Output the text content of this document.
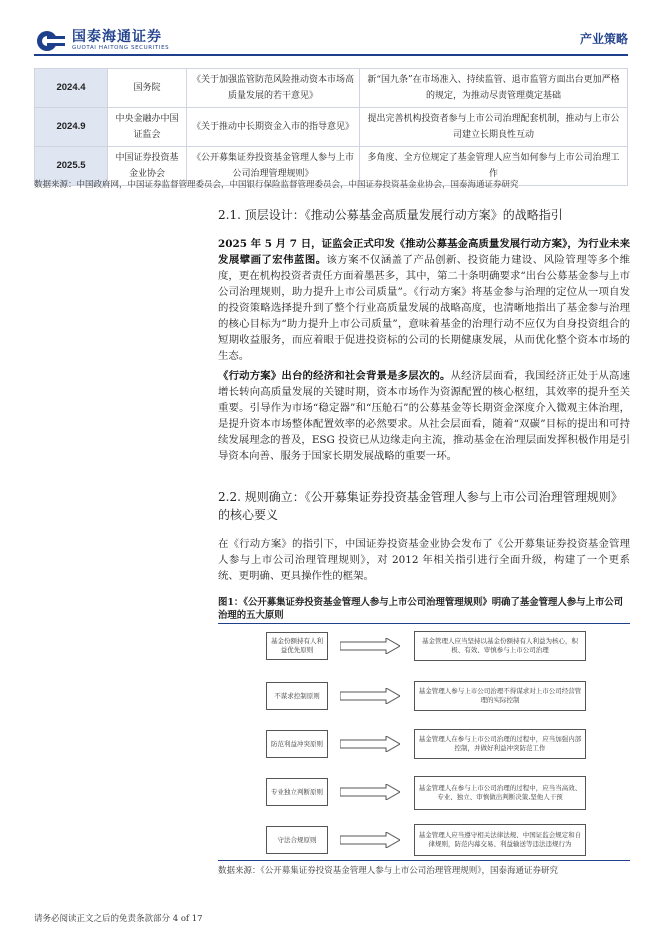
国泰海通证券
GUOTAI HAITONG SECURITIES
产业策略
2024.4	国务院	《关于加强监管防范风险推动资本市场高质量发展的若干意见》	新“国九条”在市场准入、持续监管、退市监管方面出台更加严格的规定，为推动尽责管理奠定基础
2024.9	中央金融办中国证监会	《关于推动中长期资金入市的指导意见》	提出完善机构投资者参与上市公司治理配套机制，推动与上市公司建立长期良性互动
2025.5	中国证券投资基金业协会	《公开募集证券投资基金管理人参与上市公司治理管理规则》	多角度、全方位规定了基金管理人应当如何参与上市公司治理工作
数据来源：中国政府网，中国证券监督管理委员会，中国银行保险监督管理委员会，中国证券投资基金业协会，国泰海通证券研究
2.1. 顶层设计：《推动公募基金高质量发展行动方案》的战略指引
2025 年 5 月 7 日，证监会正式印发《推动公募基金高质量发展行动方案》，为行业未来发展擘画了宏伟蓝图。该方案不仅涵盖了产品创新、投资能力建设、风险管理等多个维度，更在机构投资者责任方面着墨甚多，其中，第二十条明确要求“出台公募基金参与上市公司治理规则，助力提升上市公司质量”。《行动方案》将基金参与治理的定位从一项自发的投资策略选择提升到了整个行业高质量发展的战略高度，也清晰地指出了基金参与治理的核心目标为“助力提升上市公司质量”，意味着基金的治理行动不应仅为自身投资组合的短期收益服务，而应着眼于促进投资标的公司的长期健康发展，从而优化整个资本市场的生态。
《行动方案》出台的经济和社会背景是多层次的。从经济层面看，我国经济正处于从高速增长转向高质量发展的关键时期，资本市场作为资源配置的核心枢纽，其效率的提升至关重要。引导作为市场“稳定器”和“压舱石”的公募基金等长期资金深度介入微观主体治理，是提升资本市场整体配置效率的必然要求。从社会层面看，随着“双碳”目标的提出和可持续发展理念的普及，ESG 投资已从边缘走向主流，推动基金在治理层面发挥积极作用是引导资本向善、服务于国家长期发展战略的重要一环。
2.2. 规则确立：《公开募集证券投资基金管理人参与上市公司治理管理规则》的核心要义
在《行动方案》的指引下，中国证券投资基金业协会发布了《公开募集证券投资基金管理人参与上市公司治理管理规则》，对 2012 年相关指引进行全面升级，构建了一个更系统、更明确、更具操作性的框架。
图1：《公开募集证券投资基金管理人参与上市公司治理管理规则》明确了基金管理人参与上市公司治理的五大原则
基金份额持有人利益优先原则
基金管理人应当坚持以基金份额持有人利益为核心，积极、有效、审慎参与上市公司治理
不谋求控制原则
基金管理人参与上市公司治理不得谋求对上市公司经营管理的实际控制
防范利益冲突原则
基金管理人在参与上市公司治理的过程中，应当加强内部控制，并做好利益冲突防范工作
专业独立判断原则	基金管理人在参与上市公司治理的过程中，应当当高效、专业、独立、审慎做出判断决策,坚他人干预
守法合规原则
基金管理人应当遵守相关法律法规、中国证监会规定和自律规则，防范内幕交易、利益输送等违法违规行为
数据来源：《公开募集证券投资基金管理人参与上市公司治理管理规则》，国泰海通证券研究
请务必阅读正文之后的免责条款部分 4 of 17
